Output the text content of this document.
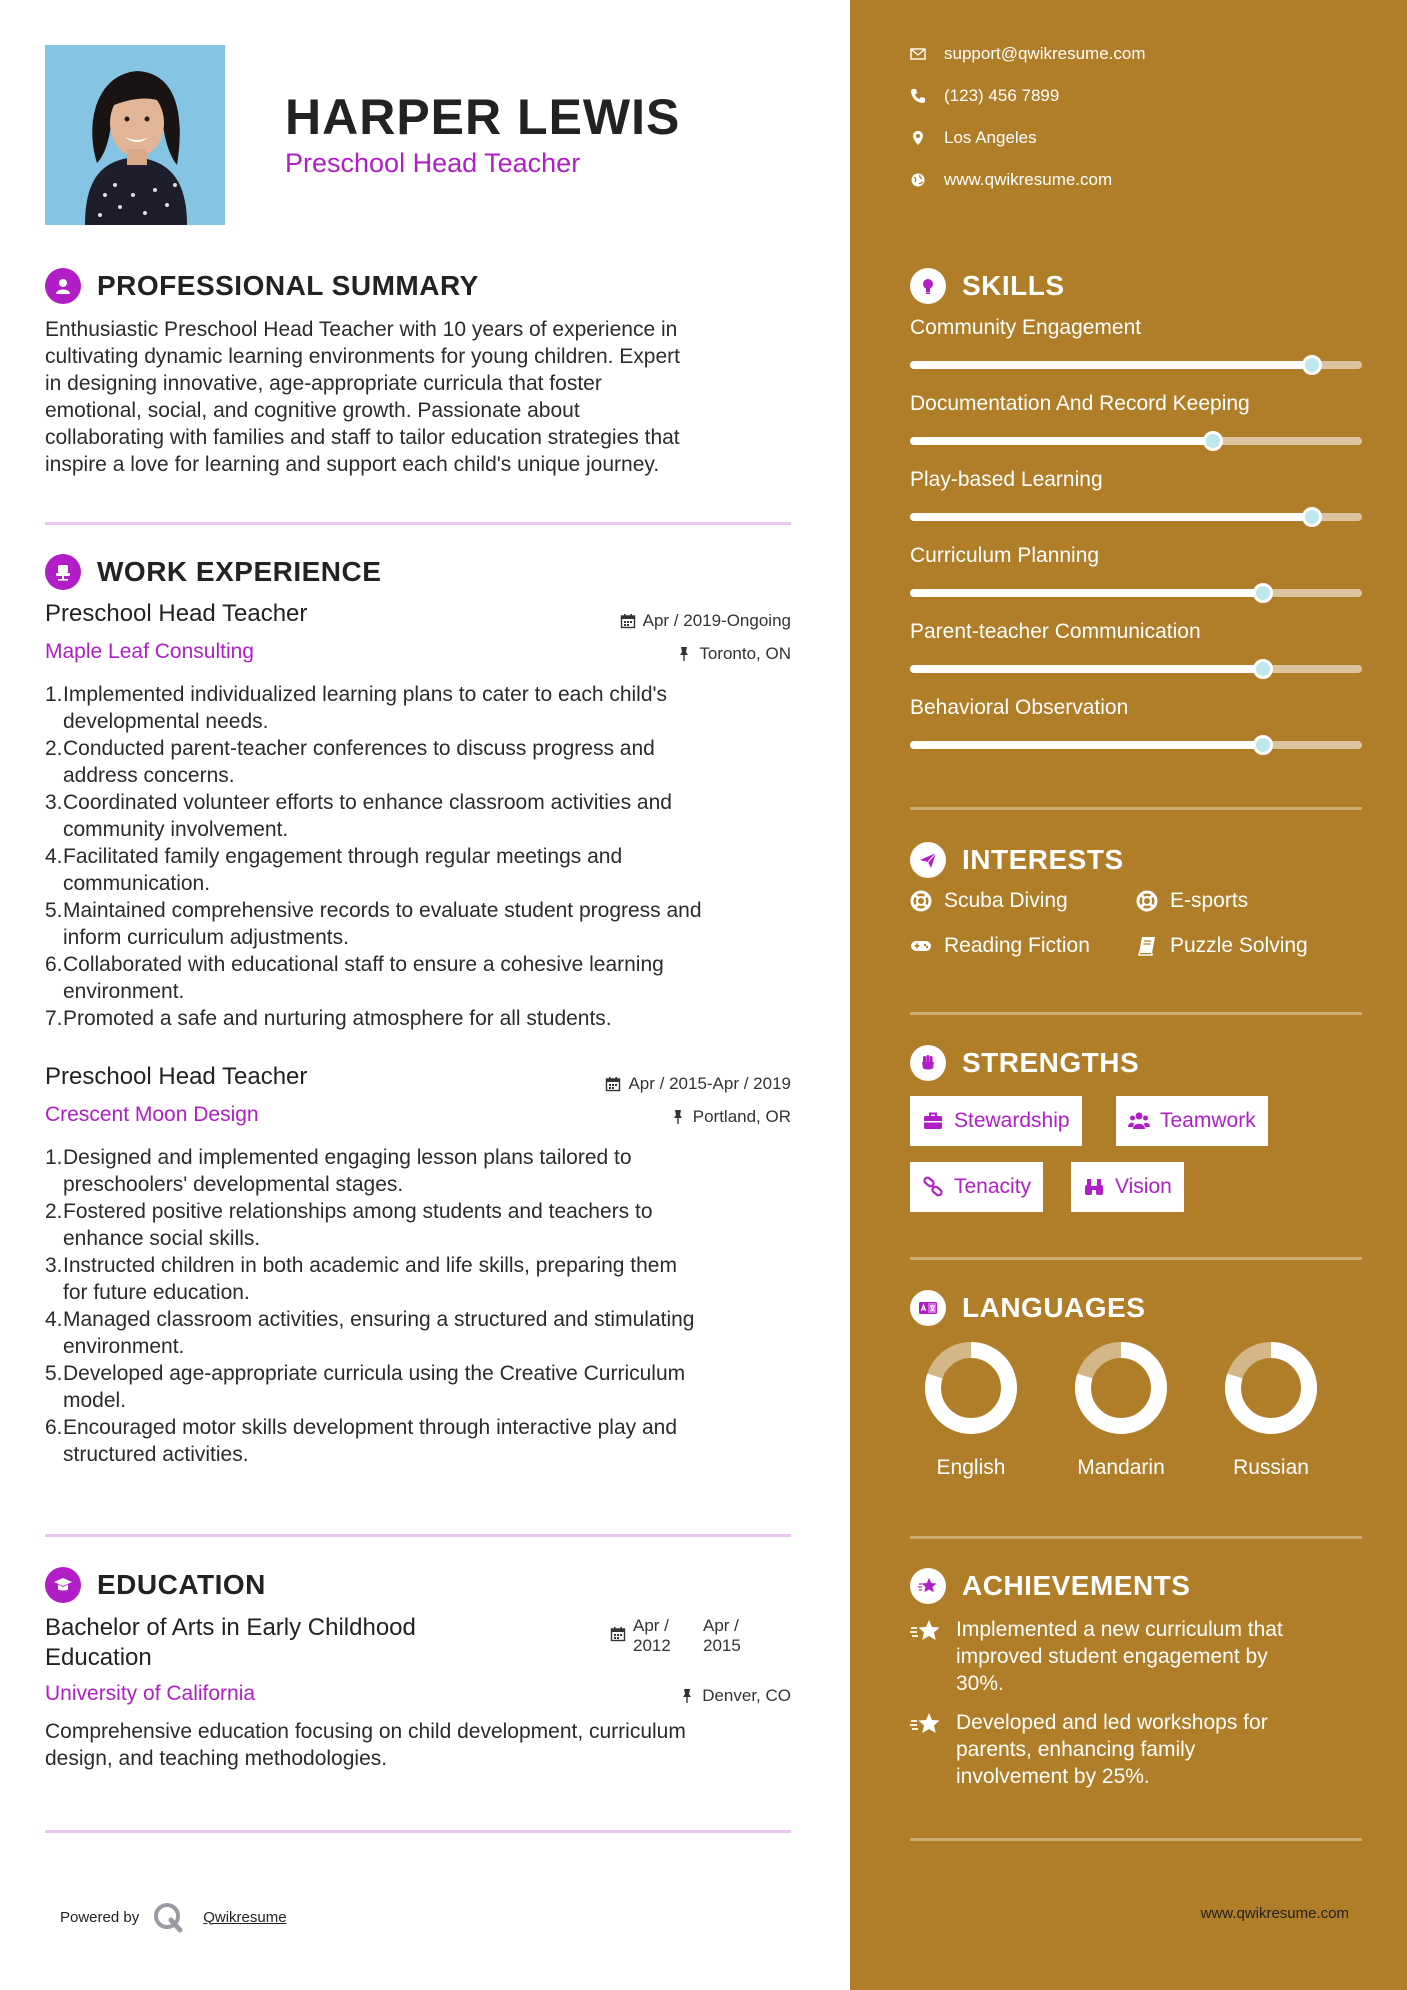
HARPER LEWIS
Preschool Head Teacher
PROFESSIONAL SUMMARY
Enthusiastic Preschool Head Teacher with 10 years of experience in
cultivating dynamic learning environments for young children. Expert
in designing innovative, age-appropriate curricula that foster
emotional, social, and cognitive growth. Passionate about
collaborating with families and staff to tailor education strategies that
inspire a love for learning and support each child's unique journey.
WORK EXPERIENCE
Preschool Head Teacher	Apr / 2019-Ongoing
Maple Leaf Consulting	Toronto, ON
1. Implemented individualized learning plans to cater to each child's
developmental needs.
2. Conducted parent-teacher conferences to discuss progress and
address concerns.
3. Coordinated volunteer efforts to enhance classroom activities and
community involvement.
4. Facilitated family engagement through regular meetings and
communication.
5. Maintained comprehensive records to evaluate student progress and
inform curriculum adjustments.
6. Collaborated with educational staff to ensure a cohesive learning
environment.
7. Promoted a safe and nurturing atmosphere for all students.
Preschool Head Teacher	Apr / 2015-Apr / 2019
Crescent Moon Design	Portland, OR
1. Designed and implemented engaging lesson plans tailored to
preschoolers' developmental stages.
2. Fostered positive relationships among students and teachers to
enhance social skills.
3. Instructed children in both academic and life skills, preparing them
for future education.
4. Managed classroom activities, ensuring a structured and stimulating
environment.
5. Developed age-appropriate curricula using the Creative Curriculum
model.
6. Encouraged motor skills development through interactive play and
structured activities.
EDUCATION
Bachelor of Arts in Early Childhood
Education
Apr /
2012
Apr /
2015
University of California	Denver, CO
Comprehensive education focusing on child development, curriculum
design, and teaching methodologies.
Powered by	Qwikresume
support@qwikresume.com
(123) 456 7899
Los Angeles
www.qwikresume.com
SKILLS
Community Engagement
Documentation And Record Keeping
Play-based Learning
Curriculum Planning
Parent-teacher Communication
Behavioral Observation
INTERESTS
Scuba Diving	E-sports
Reading Fiction	Puzzle Solving
STRENGTHS
Stewardship	Teamwork
Tenacity	Vision
LANGUAGES
English	Mandarin	Russian
ACHIEVEMENTS
Implemented a new curriculum that
improved student engagement by
30%.
Developed and led workshops for
parents, enhancing family
involvement by 25%.
www.qwikresume.com
